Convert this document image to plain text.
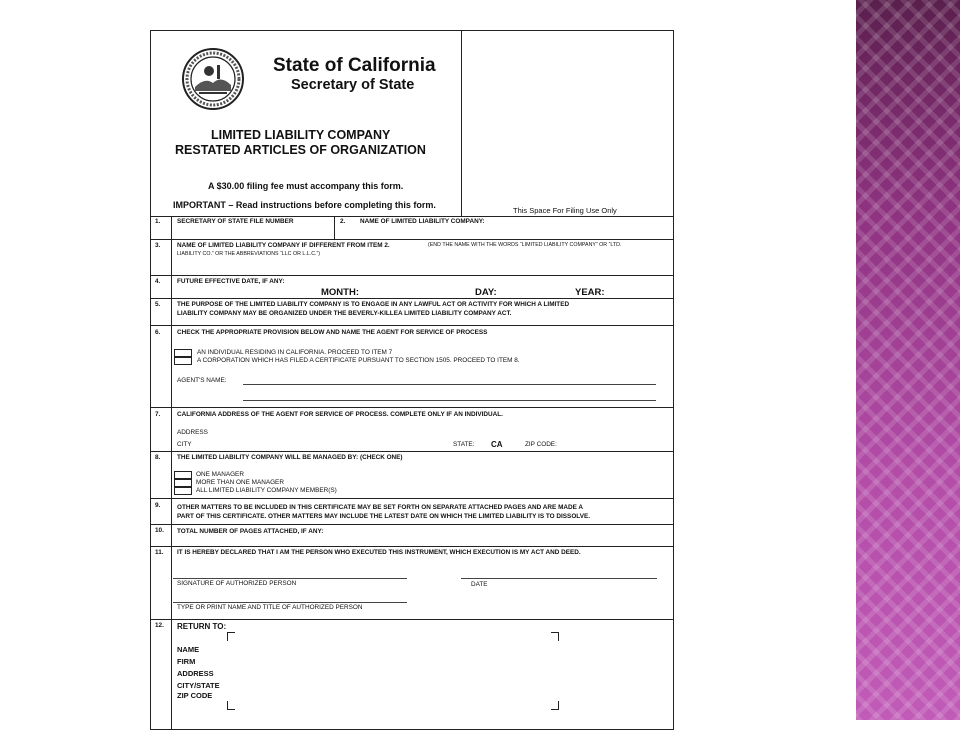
State of California
Secretary of State
LIMITED LIABILITY COMPANY
RESTATED ARTICLES OF ORGANIZATION
A $30.00 filing fee must accompany this form.
IMPORTANT – Read instructions before completing this form.
This Space For Filing Use Only
1.	SECRETARY OF STATE FILE NUMBER	2. NAME OF LIMITED LIABILITY COMPANY:
3.	NAME OF LIMITED LIABILITY COMPANY IF DIFFERENT FROM ITEM 2.	(END THE NAME WITH THE WORDS “LIMITED LIABILITY COMPANY” OR “LTD.
LIABILITY CO.” OR THE ABBREVIATIONS “LLC OR L.L.C.”)
4.	FUTURE EFFECTIVE DATE, IF ANY:
MONTH:	DAY:	YEAR:
5.	THE PURPOSE OF THE LIMITED LIABILITY COMPANY IS TO ENGAGE IN ANY LAWFUL ACT OR ACTIVITY FOR WHICH A LIMITED
LIABILITY COMPANY MAY BE ORGANIZED UNDER THE BEVERLY-KILLEA LIMITED LIABILITY COMPANY ACT.
6.	CHECK THE APPROPRIATE PROVISION BELOW AND NAME THE AGENT FOR SERVICE OF PROCESS
AN INDIVIDUAL RESIDING IN CALIFORNIA. PROCEED TO ITEM 7
A CORPORATION WHICH HAS FILED A CERTIFICATE PURSUANT TO SECTION 1505. PROCEED TO ITEM 8.
AGENT'S NAME:
7.	CALIFORNIA ADDRESS OF THE AGENT FOR SERVICE OF PROCESS. COMPLETE ONLY IF AN INDIVIDUAL.
ADDRESS
CITY	STATE: CA	ZIP CODE:
8.	THE LIMITED LIABILITY COMPANY WILL BE MANAGED BY: (CHECK ONE)
ONE MANAGER
MORE THAN ONE MANAGER
ALL LIMITED LIABILITY COMPANY MEMBER(S)
9.	OTHER MATTERS TO BE INCLUDED IN THIS CERTIFICATE MAY BE SET FORTH ON SEPARATE ATTACHED PAGES AND ARE MADE A
PART OF THIS CERTIFICATE. OTHER MATTERS MAY INCLUDE THE LATEST DATE ON WHICH THE LIMITED LIABILITY IS TO DISSOLVE.
10. TOTAL NUMBER OF PAGES ATTACHED, IF ANY:
11. IT IS HEREBY DECLARED THAT I AM THE PERSON WHO EXECUTED THIS INSTRUMENT, WHICH EXECUTION IS MY ACT AND DEED.
SIGNATURE OF AUTHORIZED PERSON	DATE
TYPE OR PRINT NAME AND TITLE OF AUTHORIZED PERSON
12. RETURN TO:
NAME
FIRM
ADDRESS
CITY/STATE
ZIP CODE
